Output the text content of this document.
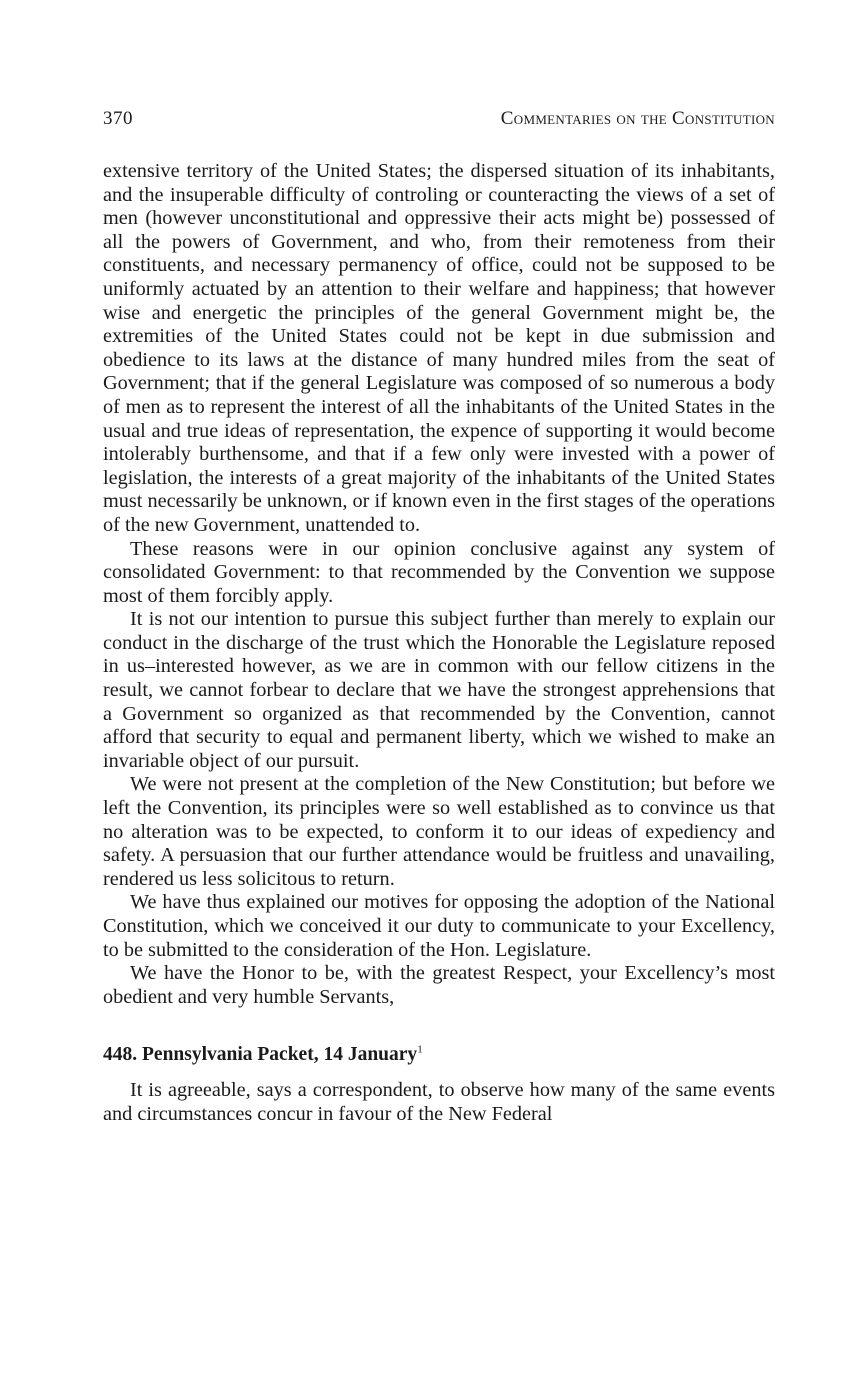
370	Commentaries on the Constitution

extensive territory of the United States; the dispersed situation of its inhabitants, and the insuperable difficulty of controling or counteracting the views of a set of men (however unconstitutional and oppressive their acts might be) possessed of all the powers of Government, and who, from their remoteness from their constituents, and necessary permanency of office, could not be supposed to be uniformly actuated by an attention to their welfare and happiness; that however wise and energetic the principles of the general Government might be, the extremities of the United States could not be kept in due submission and obedience to its laws at the distance of many hundred miles from the seat of Government; that if the general Legislature was composed of so numerous a body of men as to represent the interest of all the inhabitants of the United States in the usual and true ideas of representation, the expence of supporting it would become intolerably burthensome, and that if a few only were invested with a power of legislation, the interests of a great majority of the inhabitants of the United States must necessarily be unknown, or if known even in the first stages of the operations of the new Government, unattended to.

These reasons were in our opinion conclusive against any system of consolidated Government: to that recommended by the Convention we suppose most of them forcibly apply.

It is not our intention to pursue this subject further than merely to explain our conduct in the discharge of the trust which the Honorable the Legislature reposed in us–interested however, as we are in common with our fellow citizens in the result, we cannot forbear to declare that we have the strongest apprehensions that a Government so organized as that recommended by the Convention, cannot afford that security to equal and permanent liberty, which we wished to make an invariable object of our pursuit.

We were not present at the completion of the New Constitution; but before we left the Convention, its principles were so well established as to convince us that no alteration was to be expected, to conform it to our ideas of expediency and safety. A persuasion that our further attendance would be fruitless and unavailing, rendered us less solicitous to return.

We have thus explained our motives for opposing the adoption of the National Constitution, which we conceived it our duty to communicate to your Excellency, to be submitted to the consideration of the Hon. Legislature.

We have the Honor to be, with the greatest Respect, your Excellency’s most obedient and very humble Servants,

448. Pennsylvania Packet, 14 January$^1$

It is agreeable, says a correspondent, to observe how many of the same events and circumstances concur in favour of the New Federal
